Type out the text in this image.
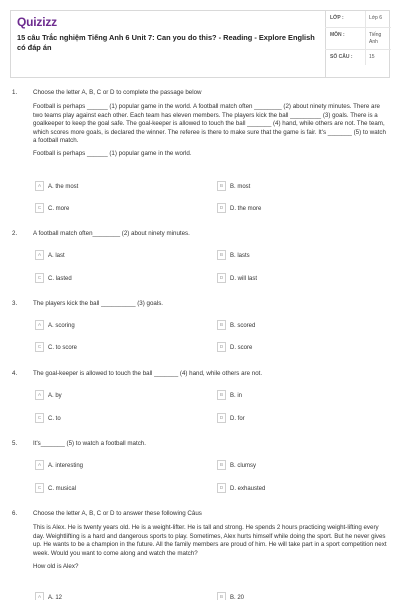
Quizizz
15 câu Trắc nghiệm Tiếng Anh 6 Unit 7: Can you do this? - Reading - Explore English có đáp án
LỚP :	Lớp 6
MÔN :	Tiếng Anh
SỐ CÂU :	15
1.	Choose the letter A, B, C or D to complete the passage below
Football is perhaps ______ (1) popular game in the world. A football match often ________ (2) about ninety minutes. There are two teams play against each other. Each team has eleven members. The players kick the ball _________ (3) goals. There is a goalkeeper to keep the goal safe. The goal-keeper is allowed to touch the ball _______ (4) hand, while others are not. The team, which scores more goals, is declared the winner. The referee is there to make sure that the game is fair. It's _______ (5) to watch a football match.
Football is perhaps ______ (1) popular game in the world.
A	A. the most	B	B. most
C	C. more	D	D. the more
2.	A football match often________ (2) about ninety minutes.
A	A. last	B	B. lasts
C	C. lasted	D	D. will last
3.	The players kick the ball __________ (3) goals.
A	A. scoring	B	B. scored
C	C. to score	D	D. score
4.	The goal-keeper is allowed to touch the ball _______ (4) hand, while others are not.
A	A. by	B	B. in
C	C. to	D	D. for
5.	It's_______ (5) to watch a football match.
A	A. interesting	B	B. clumsy
C	C. musical	D	D. exhausted
6.	Choose the letter A, B, C or D to answer these following Câus
This is Alex. He is twenty years old. He is a weight-lifter. He is tall and strong. He spends 2 hours practicing weight-lifting every day. Weightlifting is a hard and dangerous sports to play. Sometimes, Alex hurts himself while doing the sport. But he never gives up. He wants to be a champion in the future. All the family members are proud of him. He will take part in a sport competition next week. Would you want to come along and watch the match?
How old is Alex?
A	A. 12	B	B. 20
